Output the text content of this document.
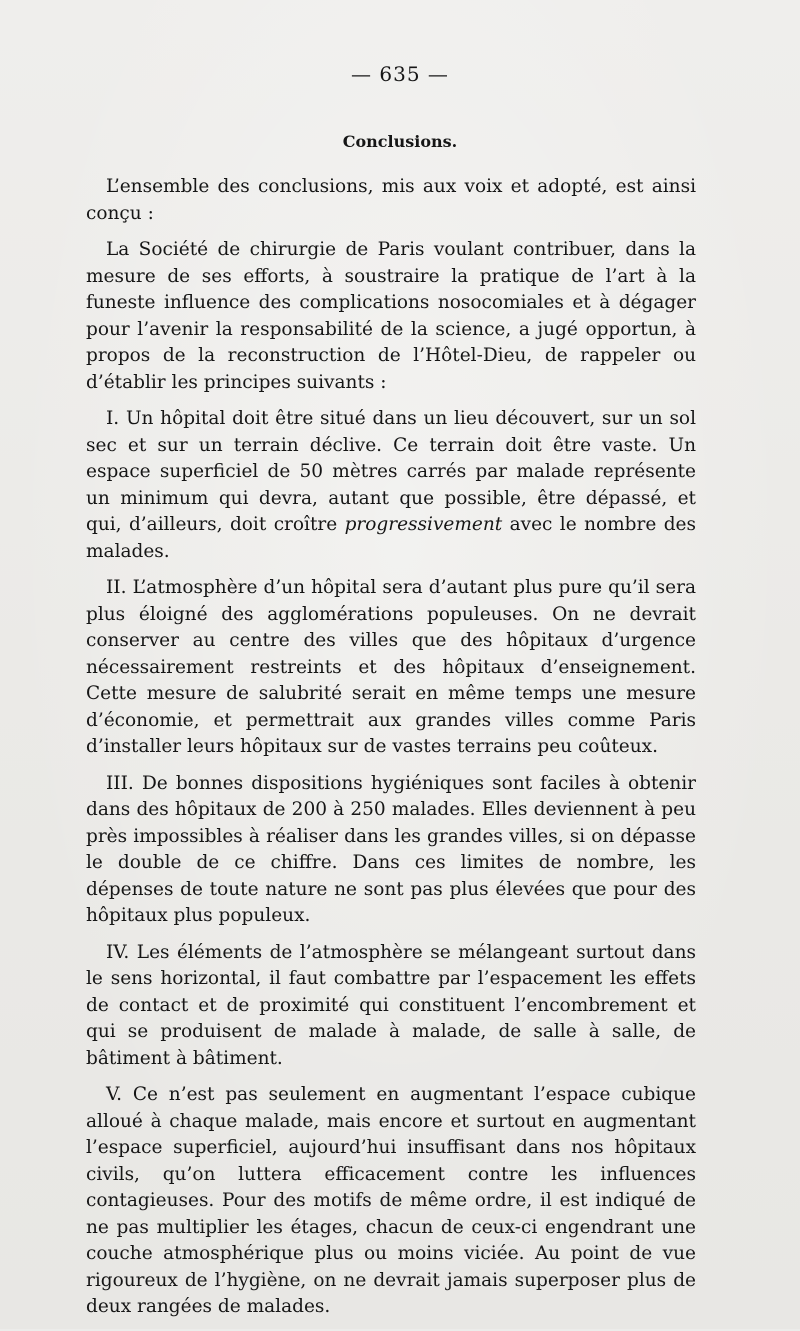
— 635 —
Conclusions.

L’ensemble des conclusions, mis aux voix et adopté, est ainsi conçu :

La Société de chirurgie de Paris voulant contribuer, dans la mesure de ses efforts, à soustraire la pratique de l’art à la funeste influence des complications nosocomiales et à dégager pour l’avenir la responsabilité de la science, a jugé opportun, à propos de la reconstruction de l’Hôtel-Dieu, de rappeler ou d’établir les principes suivants :

I. Un hôpital doit être situé dans un lieu découvert, sur un sol sec et sur un terrain déclive. Ce terrain doit être vaste. Un espace superficiel de 50 mètres carrés par malade représente un minimum qui devra, autant que possible, être dépassé, et qui, d’ailleurs, doit croître progressivement avec le nombre des malades.

II. L’atmosphère d’un hôpital sera d’autant plus pure qu’il sera plus éloigné des agglomérations populeuses. On ne devrait conserver au centre des villes que des hôpitaux d’urgence nécessairement restreints et des hôpitaux d’enseignement. Cette mesure de salubrité serait en même temps une mesure d’économie, et permettrait aux grandes villes comme Paris d’installer leurs hôpitaux sur de vastes terrains peu coûteux.

III. De bonnes dispositions hygiéniques sont faciles à obtenir dans des hôpitaux de 200 à 250 malades. Elles deviennent à peu près impossibles à réaliser dans les grandes villes, si on dépasse le double de ce chiffre. Dans ces limites de nombre, les dépenses de toute nature ne sont pas plus élevées que pour des hôpitaux plus populeux.

IV. Les éléments de l’atmosphère se mélangeant surtout dans le sens horizontal, il faut combattre par l’espacement les effets de contact et de proximité qui constituent l’encombrement et qui se produisent de malade à malade, de salle à salle, de bâtiment à bâtiment.

V. Ce n’est pas seulement en augmentant l’espace cubique alloué à chaque malade, mais encore et surtout en augmentant l’espace superficiel, aujourd’hui insuffisant dans nos hôpitaux civils, qu’on luttera efficacement contre les influences contagieuses. Pour des motifs de même ordre, il est indiqué de ne pas multiplier les étages, chacun de ceux-ci engendrant une couche atmosphérique plus ou moins viciée. Au point de vue rigoureux de l’hygiène, on ne devrait jamais superposer plus de deux rangées de malades.
